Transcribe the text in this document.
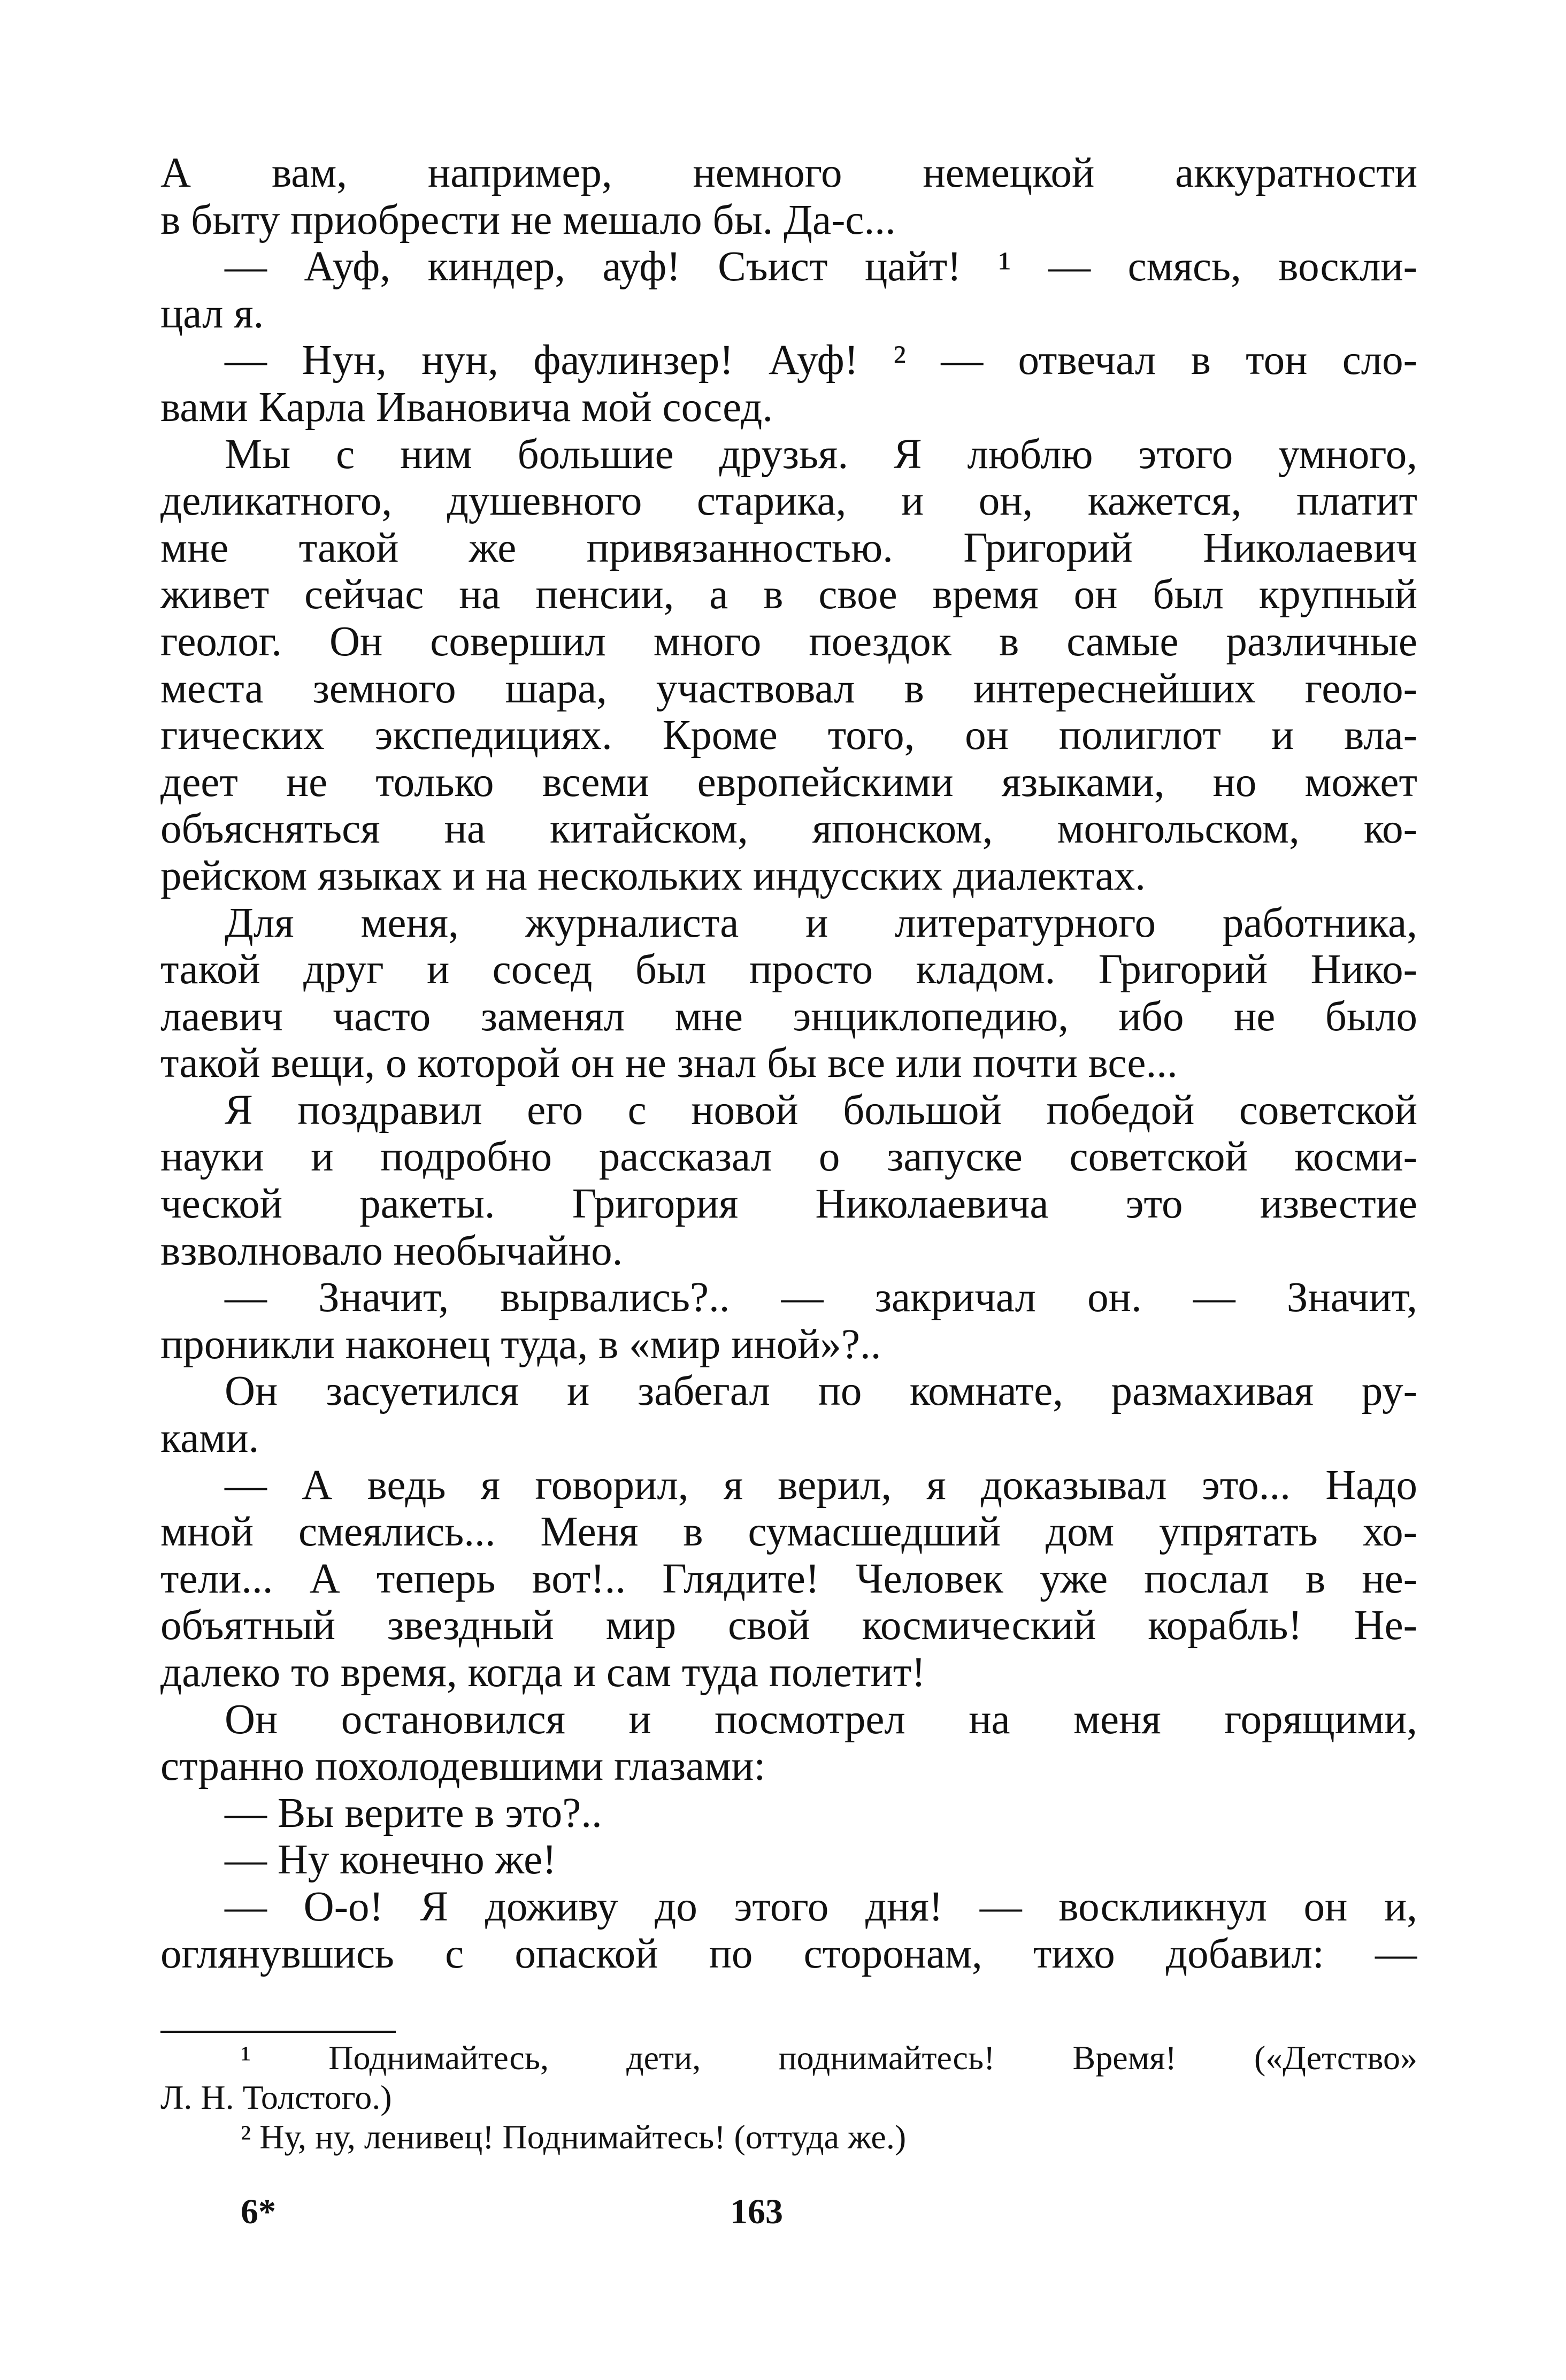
А вам, например, немного немецкой аккуратности
в быту приобрести не мешало бы. Да-с...
— Ауф, киндер, ауф! Съист цайт! ¹ — смясь, воскли-
цал я.
— Нун, нун, фаулинзер! Ауф! ² — отвечал в тон сло-
вами Карла Ивановича мой сосед.
Мы с ним большие друзья. Я люблю этого умного,
деликатного, душевного старика, и он, кажется, платит
мне такой же привязанностью. Григорий Николаевич
живет сейчас на пенсии, а в свое время он был крупный
геолог. Он совершил много поездок в самые различные
места земного шара, участвовал в интереснейших геоло-
гических экспедициях. Кроме того, он полиглот и вла-
деет не только всеми европейскими языками, но может
объясняться на китайском, японском, монгольском, ко-
рейском языках и на нескольких индусских диалектах.
Для меня, журналиста и литературного работника,
такой друг и сосед был просто кладом. Григорий Нико-
лаевич часто заменял мне энциклопедию, ибо не было
такой вещи, о которой он не знал бы все или почти все...
Я поздравил его с новой большой победой советской
науки и подробно рассказал о запуске советской косми-
ческой ракеты. Григория Николаевича это известие
взволновало необычайно.
— Значит, вырвались?.. — закричал он. — Значит,
проникли наконец туда, в «мир иной»?..
Он засуетился и забегал по комнате, размахивая ру-
ками.
— А ведь я говорил, я верил, я доказывал это... Надо
мной смеялись... Меня в сумасшедший дом упрятать хо-
тели... А теперь вот!.. Глядите! Человек уже послал в не-
объятный звездный мир свой космический корабль! Не-
далеко то время, когда и сам туда полетит!
Он остановился и посмотрел на меня горящими,
странно похолодевшими глазами:
— Вы верите в это?..
— Ну конечно же!
— О-о! Я доживу до этого дня! — воскликнул он и,
оглянувшись с опаской по сторонам, тихо добавил: —
¹ Поднимайтесь, дети, поднимайтесь! Время! («Детство»
Л. Н. Толстого.)
² Ну, ну, ленивец! Поднимайтесь! (оттуда же.)
6*	163
